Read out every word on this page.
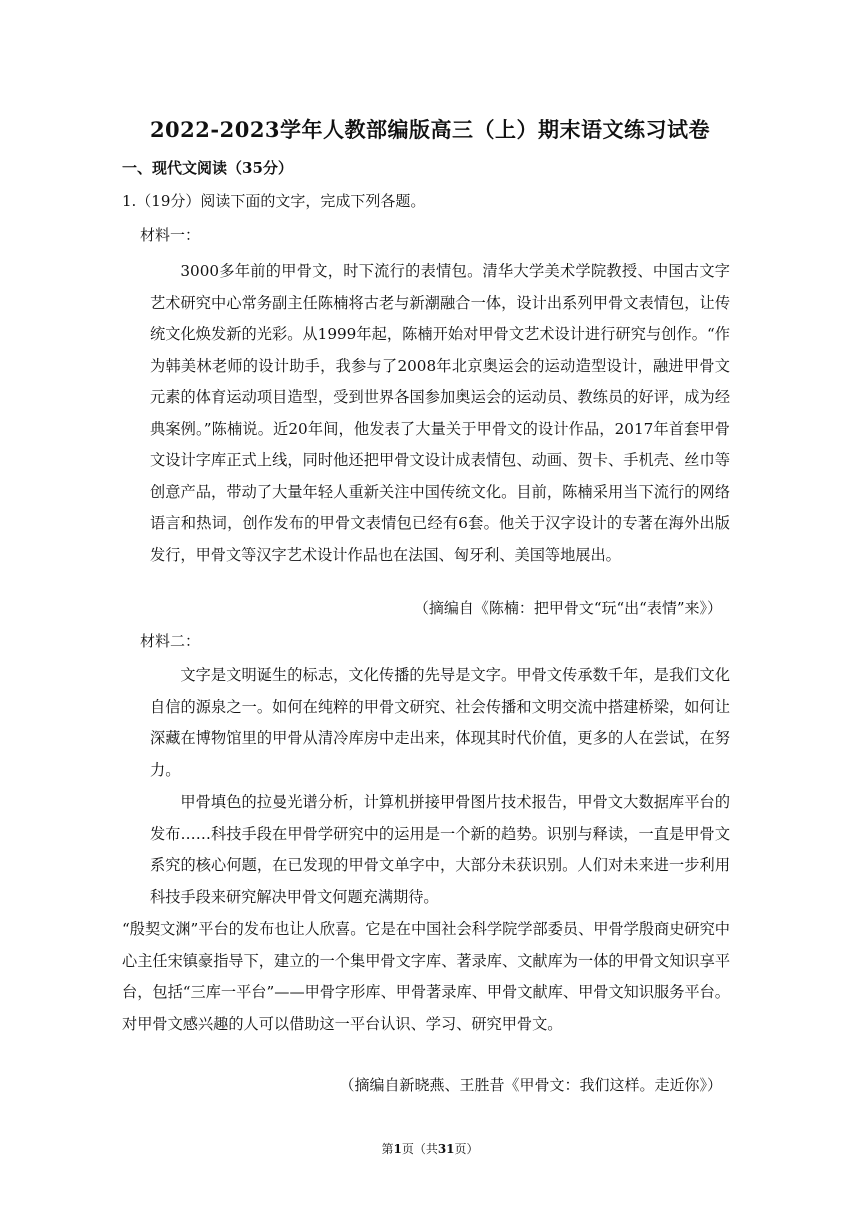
2022-2023学年人教部编版高三（上）期末语文练习试卷
一、现代文阅读（35分）
1.（19分）阅读下面的文字，完成下列各题。
材料一：

3000多年前的甲骨文，时下流行的表情包。清华大学美术学院教授、中国古文字艺术研究中心常务副主任陈楠将古老与新潮融合一体，设计出系列甲骨文表情包，让传统文化焕发新的光彩。从1999年起，陈楠开始对甲骨文艺术设计进行研究与创作。“作为韩美林老师的设计助手，我参与了2008年北京奥运会的运动造型设计，融进甲骨文元素的体育运动项目造型，受到世界各国参加奥运会的运动员、教练员的好评，成为经典案例。”陈楠说。近20年间，他发表了大量关于甲骨文的设计作品，2017年首套甲骨文设计字库正式上线，同时他还把甲骨文设计成表情包、动画、贺卡、手机壳、丝巾等创意产品，带动了大量年轻人重新关注中国传统文化。目前，陈楠采用当下流行的网络语言和热词，创作发布的甲骨文表情包已经有6套。他关于汉字设计的专著在海外出版发行，甲骨文等汉字艺术设计作品也在法国、匈牙利、美国等地展出。

（摘编自《陈楠：把甲骨文“玩“出“表情”来》）
材料二：

文字是文明诞生的标志，文化传播的先导是文字。甲骨文传承数千年，是我们文化自信的源泉之一。如何在纯粹的甲骨文研究、社会传播和文明交流中搭建桥梁，如何让深藏在博物馆里的甲骨从清冷库房中走出来，体现其时代价值，更多的人在尝试，在努力。

甲骨填色的拉曼光谱分析，计算机拼接甲骨图片技术报告，甲骨文大数据库平台的发布……科技手段在甲骨学研究中的运用是一个新的趋势。识别与释读，一直是甲骨文系究的核心何题，在已发现的甲骨文单字中，大部分未获识别。人们对未来进一步利用科技手段来研究解决甲骨文何题充满期待。

“殷契文渊”平台的发布也让人欣喜。它是在中国社会科学院学部委员、甲骨学殷商史研究中心主任宋镇豪指导下，建立的一个集甲骨文字库、著录库、文献库为一体的甲骨文知识享平台，包括“三库一平台”——甲骨字形库、甲骨著录库、甲骨文献库、甲骨文知识服务平台。对甲骨文感兴趣的人可以借助这一平台认识、学习、研究甲骨文。

（摘编自新晓燕、王胜昔《甲骨文：我们这样。走近你》）
第1页（共31页）
